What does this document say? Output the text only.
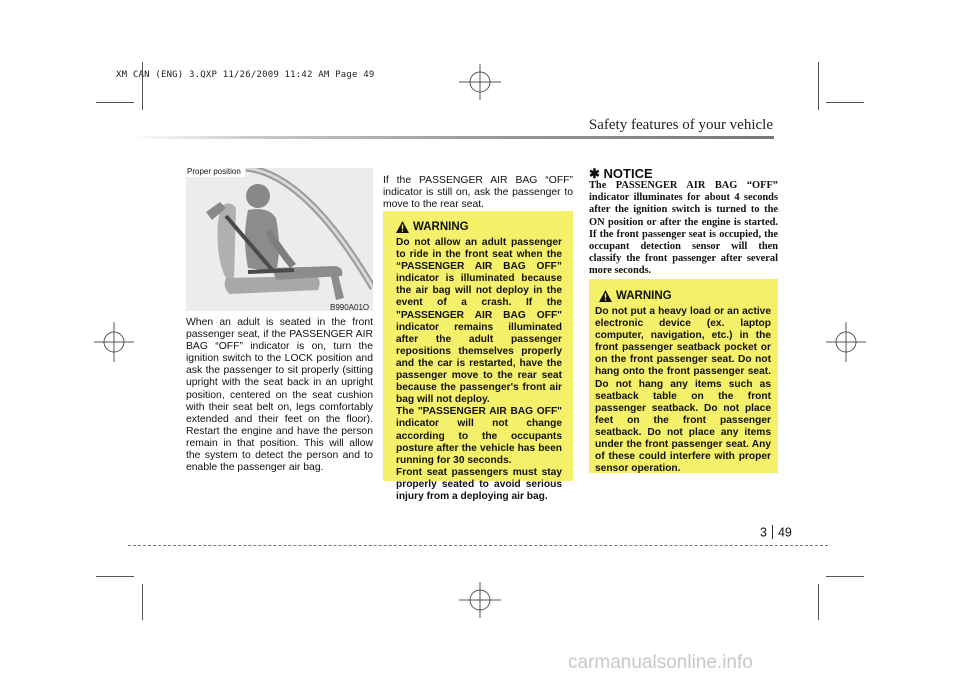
XM CAN (ENG) 3.QXP 11/26/2009 11:42 AM Page 49
Safety features of your vehicle
Proper position
B990A01O
When an adult is seated in the front passenger seat, if the PASSENGER AIR BAG “OFF” indicator is on, turn the ignition switch to the LOCK position and ask the passenger to sit properly (sitting upright with the seat back in an upright position, centered on the seat cushion with their seat belt on, legs comfortably extended and their feet on the floor). Restart the engine and have the person remain in that position. This will allow the system to detect the person and to enable the passenger air bag.
If the PASSENGER AIR BAG “OFF” indicator is still on, ask the passenger to move to the rear seat.
WARNING
Do not allow an adult passenger to ride in the front seat when the “PASSENGER AIR BAG OFF” indicator is illuminated because the air bag will not deploy in the event of a crash. If the "PASSENGER AIR BAG OFF" indicator remains illuminated after the adult passenger repositions themselves properly and the car is restarted, have the passenger move to the rear seat because the passenger's front air bag will not deploy.
The "PASSENGER AIR BAG OFF" indicator will not change according to the occupants posture after the vehicle has been running for 30 seconds.
Front seat passengers must stay properly seated to avoid serious injury from a deploying air bag.
✱ NOTICE
The PASSENGER AIR BAG “OFF” indicator illuminates for about 4 seconds after the ignition switch is turned to the ON position or after the engine is started. If the front passenger seat is occupied, the occupant detection sensor will then classify the front passenger after several more seconds.
WARNING
Do not put a heavy load or an active electronic device (ex. laptop computer, navigation, etc.) in the front passenger seatback pocket or on the front passenger seat. Do not hang onto the front passenger seat. Do not hang any items such as seatback table on the front passenger seatback. Do not place feet on the front passenger seatback. Do not place any items under the front passenger seat. Any of these could interfere with proper sensor operation.
3 49
carmanualsonline.info
